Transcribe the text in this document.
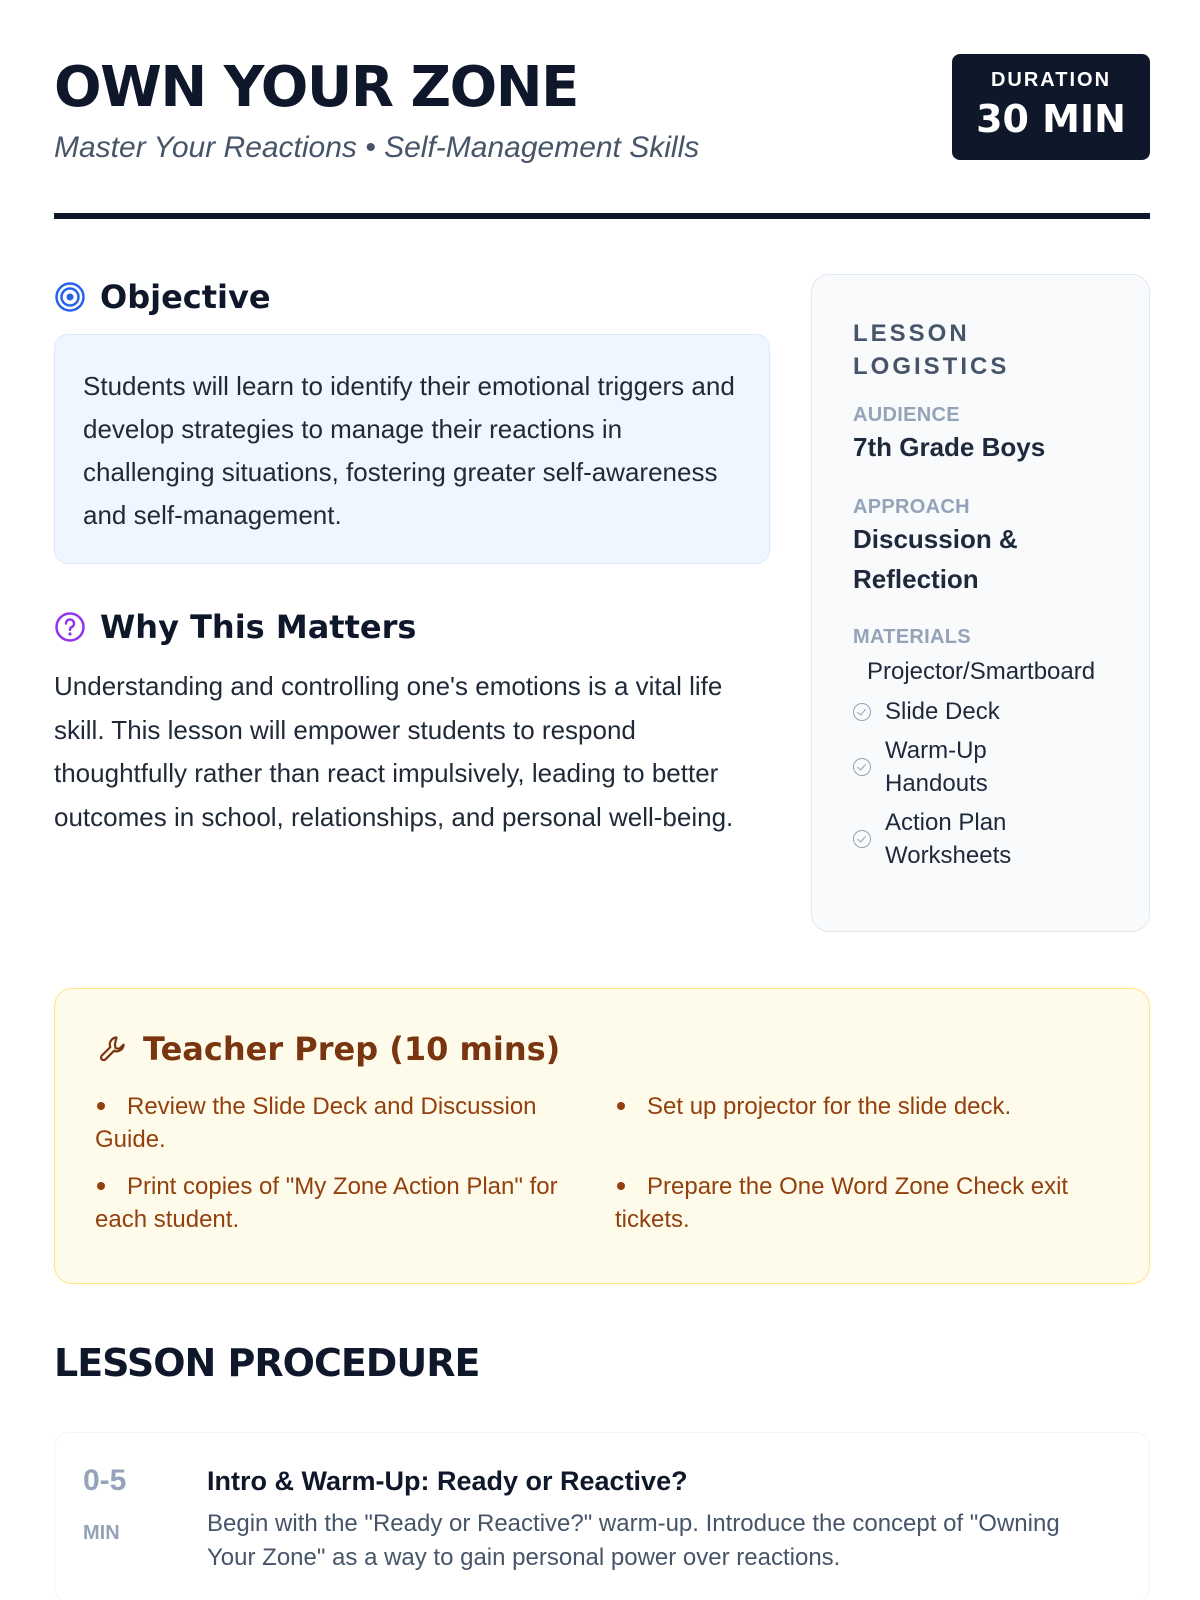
OWN YOUR ZONE
Master Your Reactions • Self-Management Skills
DURATION
30 MIN
Objective

Students will learn to identify their emotional triggers and develop strategies to manage their reactions in challenging situations, fostering greater self-awareness and self-management.

Why This Matters

Understanding and controlling one's emotions is a vital life skill. This lesson will empower students to respond thoughtfully rather than react impulsively, leading to better outcomes in school, relationships, and personal well-being.

LESSON LOGISTICS
AUDIENCE
7th Grade Boys
APPROACH
Discussion & Reflection
MATERIALS
Projector/Smartboard
Slide Deck
Warm-Up Handouts
Action Plan Worksheets
Teacher Prep (10 mins)
Review the Slide Deck and Discussion Guide.
Set up projector for the slide deck.
Print copies of "My Zone Action Plan" for each student.
Prepare the One Word Zone Check exit tickets.
LESSON PROCEDURE
0-5
MIN
Intro & Warm-Up: Ready or Reactive?
Begin with the "Ready or Reactive?" warm-up. Introduce the concept of "Owning Your Zone" as a way to gain personal power over reactions.
